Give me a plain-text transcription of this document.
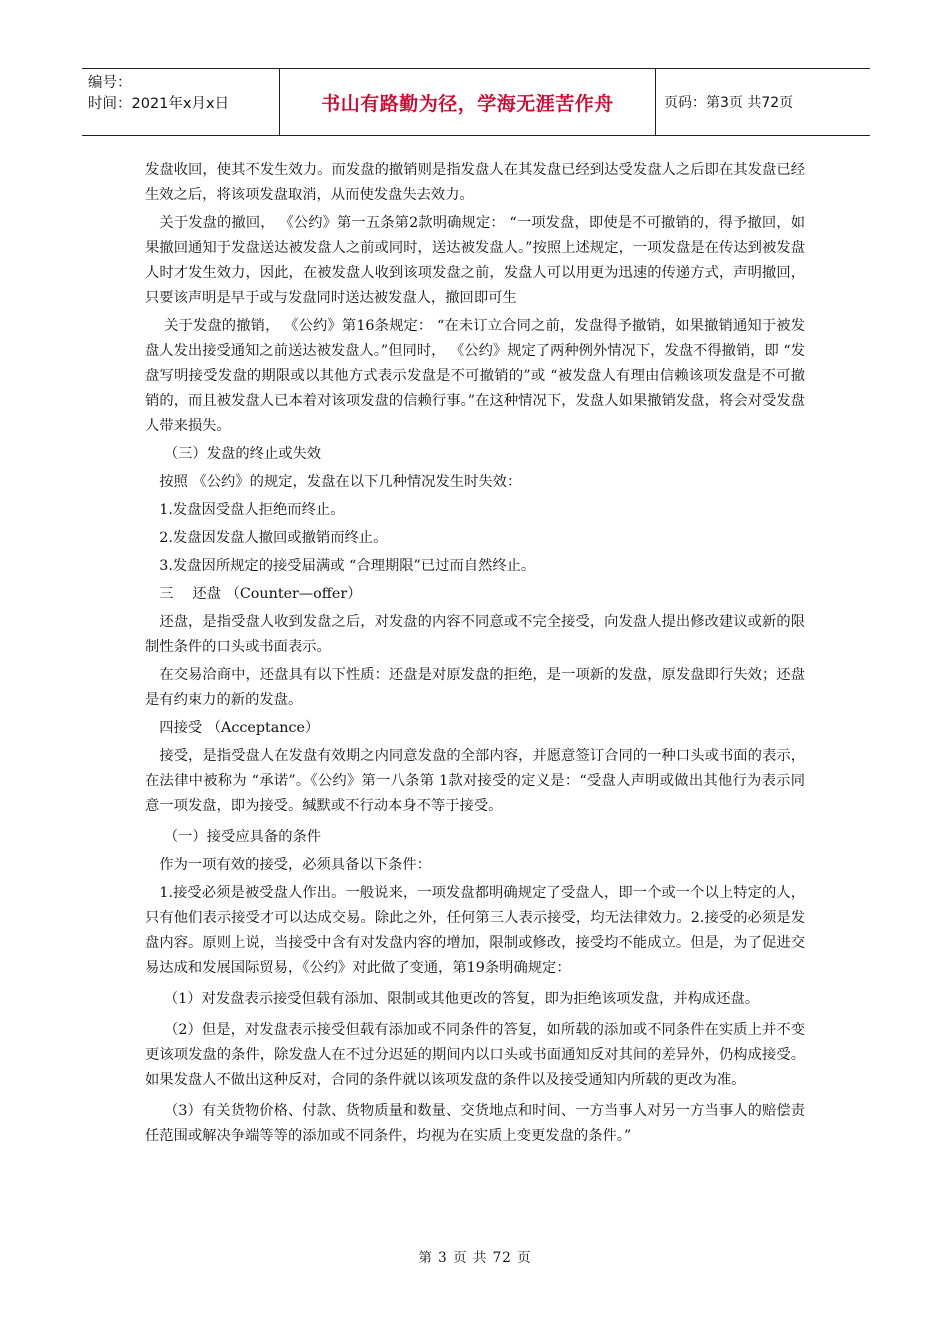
编号：
时间：2021年x月x日	书山有路勤为径，学海无涯苦作舟	页码：第3页 共72页

发盘收回，使其不发生效力。而发盘的撤销则是指发盘人在其发盘已经到达受发盘人之后即在其发盘已经生效之后，将该项发盘取消，从而使发盘失去效力。

　关于发盘的撤回， 《公约》第一五条第2款明确规定： “一项发盘，即使是不可撤销的，得予撤回，如果撤回通知于发盘送达被发盘人之前或同时，送达被发盘人。”按照上述规定，一项发盘是在传达到被发盘人时才发生效力，因此，在被发盘人收到该项发盘之前，发盘人可以用更为迅速的传递方式，声明撤回，只要该声明是早于或与发盘同时送达被发盘人，撤回即可生

　 关于发盘的撤销， 《公约》第16条规定： “在未订立合同之前，发盘得予撤销，如果撤销通知于被发盘人发出接受通知之前送达被发盘人。”但同时， 《公约》规定了两种例外情况下，发盘不得撤销，即 “发盘写明接受发盘的期限或以其他方式表示发盘是不可撤销的”或 “被发盘人有理由信赖该项发盘是不可撤销的，而且被发盘人已本着对该项发盘的信赖行事。”在这种情况下，发盘人如果撤销发盘，将会对受发盘人带来损失。

　 （三）发盘的终止或失效

　按照 《公约》的规定，发盘在以下几种情况发生时失效：

　1.发盘因受盘人拒绝而终止。

　2.发盘因发盘人撤回或撤销而终止。

　3.发盘因所规定的接受届满或 “合理期限”已过而自然终止。

　三　 还盘 （Counter—offer）

　还盘，是指受盘人收到发盘之后，对发盘的内容不同意或不完全接受，向发盘人提出修改建议或新的限制性条件的口头或书面表示。

　在交易洽商中，还盘具有以下性质：还盘是对原发盘的拒绝，是一项新的发盘，原发盘即行失效；还盘是有约束力的新的发盘。

　四接受 （Acceptance）

　接受，是指受盘人在发盘有效期之内同意发盘的全部内容，并愿意签订合同的一种口头或书面的表示，在法律中被称为 “承诺”。《公约》第一八条第 1款对接受的定义是：“受盘人声明或做出其他行为表示同意一项发盘，即为接受。缄默或不行动本身不等于接受。

　 （一）接受应具备的条件

　作为一项有效的接受，必须具备以下条件：

　1.接受必须是被受盘人作出。一般说来，一项发盘都明确规定了受盘人，即一个或一个以上特定的人，只有他们表示接受才可以达成交易。除此之外，任何第三人表示接受，均无法律效力。2.接受的必须是发盘内容。原则上说，当接受中含有对发盘内容的增加，限制或修改，接受均不能成立。但是，为了促进交易达成和发展国际贸易，《公约》对此做了变通，第19条明确规定：

　 （1）对发盘表示接受但载有添加、限制或其他更改的答复，即为拒绝该项发盘，并构成还盘。

　 （2）但是，对发盘表示接受但载有添加或不同条件的答复，如所载的添加或不同条件在实质上并不变更该项发盘的条件，除发盘人在不过分迟延的期间内以口头或书面通知反对其间的差异外，仍构成接受。如果发盘人不做出这种反对，合同的条件就以该项发盘的条件以及接受通知内所载的更改为准。

　 （3）有关货物价格、付款、货物质量和数量、交货地点和时间、一方当事人对另一方当事人的赔偿责任范围或解决争端等等的添加或不同条件，均视为在实质上变更发盘的条件。”

第 3 页 共 72 页
